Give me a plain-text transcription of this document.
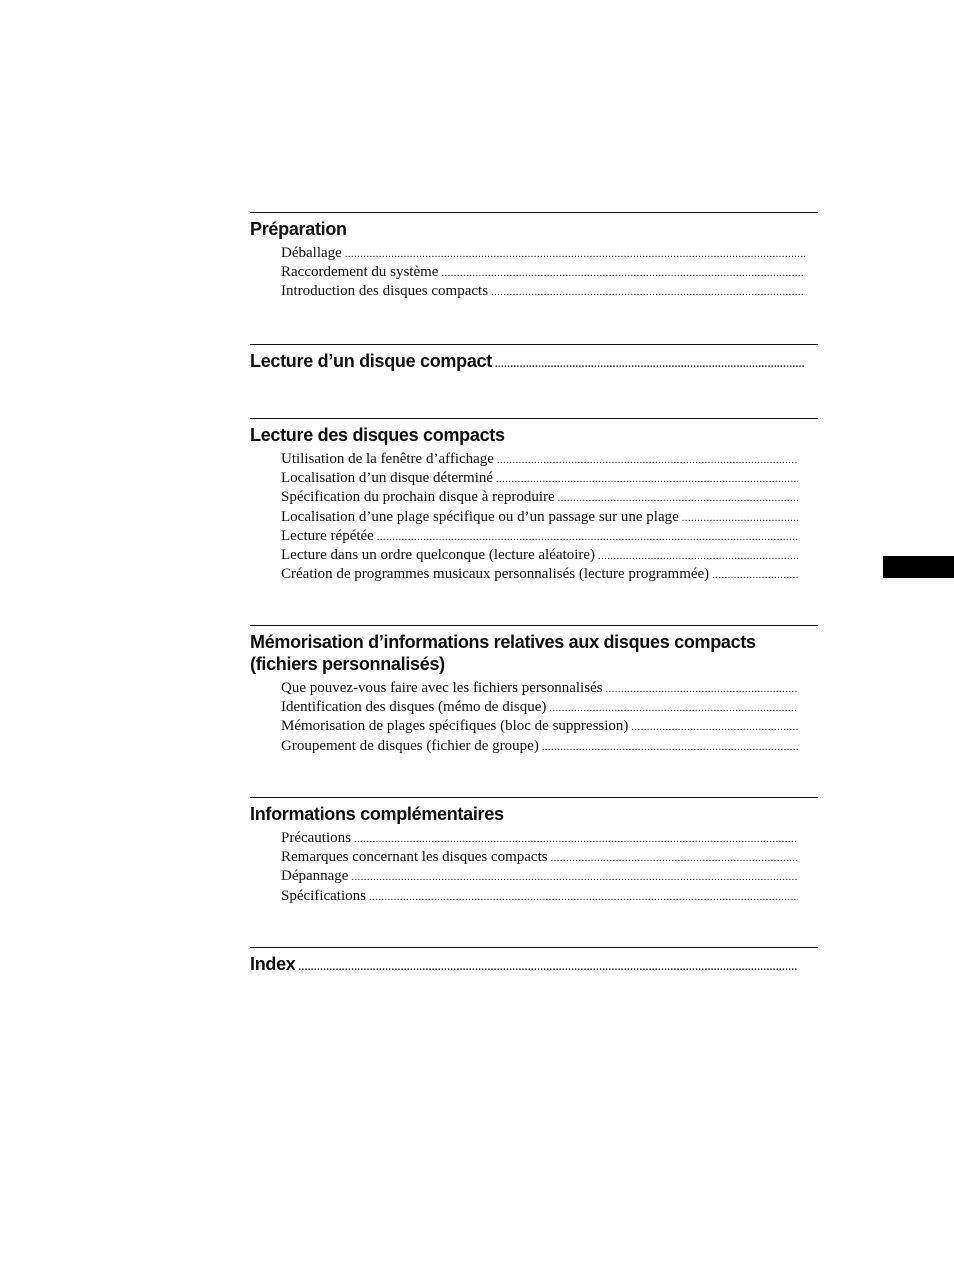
Préparation
Déballage
.....
Raccordement du système
.....
Introduction des disques compacts
.....
Lecture d’un disque compact
.....
Lecture des disques compacts
Utilisation de la fenêtre d’affichage
.....
Localisation d’un disque déterminé
.....
Spécification du prochain disque à reproduire
.....
Localisation d’une plage spécifique ou d’un passage sur une plage
.....
Lecture répétée
.....
Lecture dans un ordre quelconque (lecture aléatoire)
.....
Création de programmes musicaux personnalisés (lecture programmée)
.....
Mémorisation d’informations relatives aux disques compacts
(fichiers personnalisés)
Que pouvez-vous faire avec les fichiers personnalisés
.....
Identification des disques (mémo de disque)
.....
Mémorisation de plages spécifiques (bloc de suppression)
.....
Groupement de disques (fichier de groupe)
.....
Informations complémentaires
Précautions
.....
Remarques concernant les disques compacts
.....
Dépannage
.....
Spécifications
.....
Index
.....
